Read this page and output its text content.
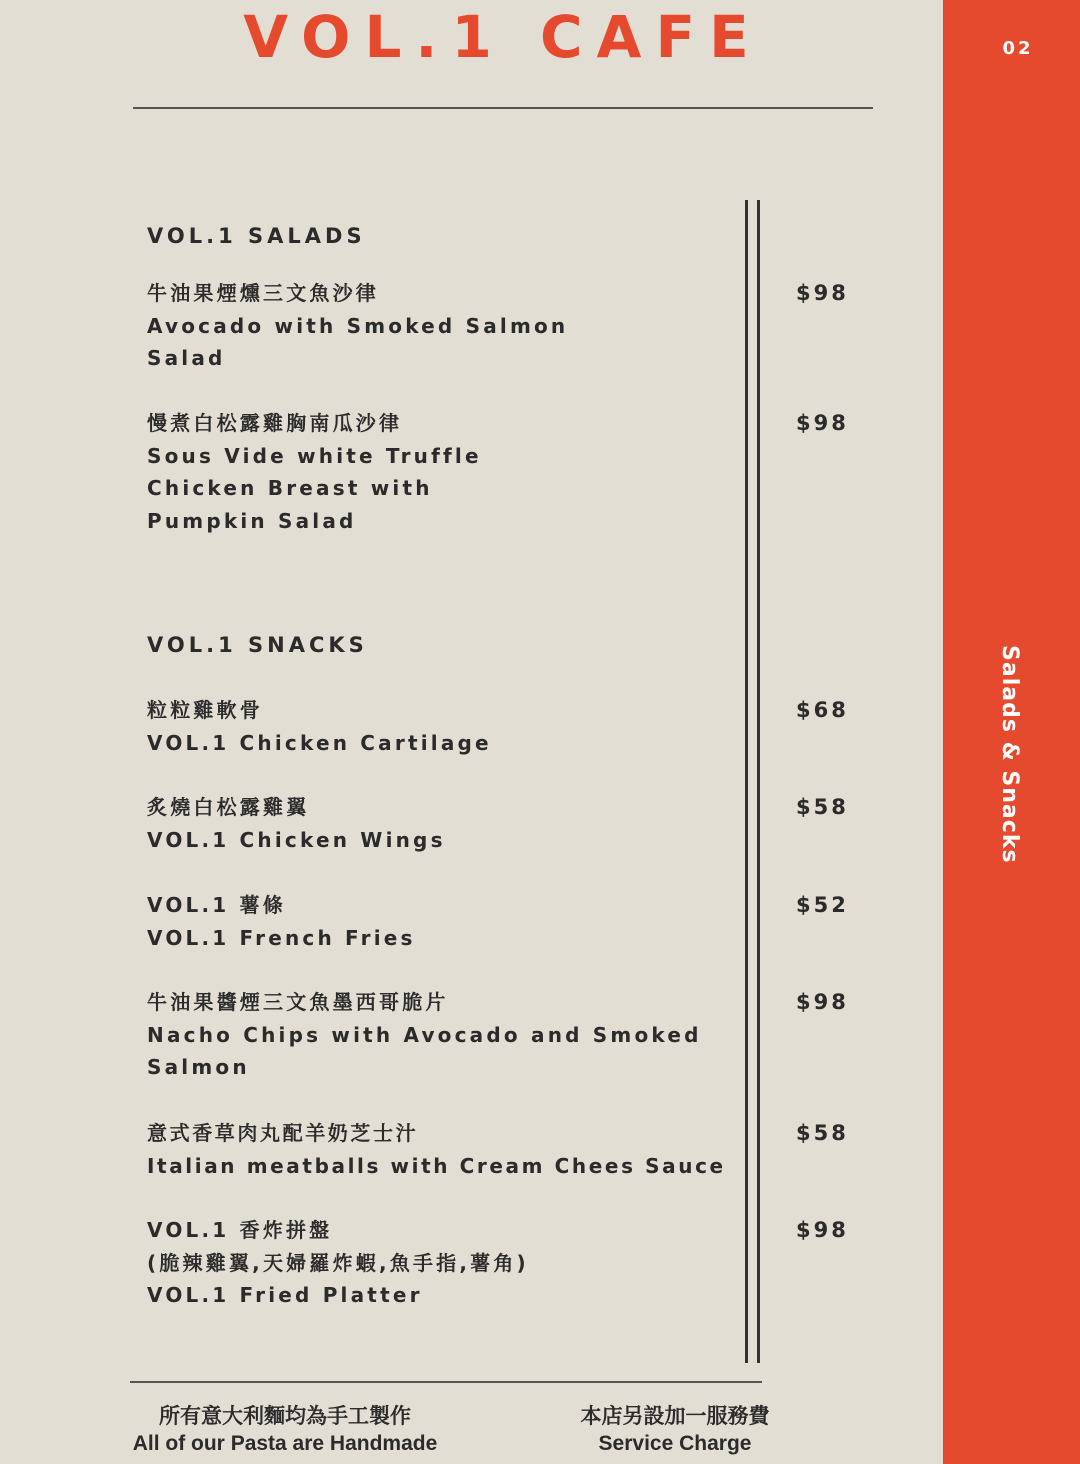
VOL.1 CAFE
VOL.1 SALADS
牛油果煙燻三文魚沙律
Avocado with Smoked Salmon
Salad
$98
慢煮白松露雞胸南瓜沙律
Sous Vide white Truffle
Chicken Breast with
Pumpkin Salad
$98
VOL.1 SNACKS
粒粒雞軟骨
VOL.1 Chicken Cartilage
$68
炙燒白松露雞翼
VOL.1 Chicken Wings
$58
VOL.1 薯條
VOL.1 French Fries
$52
牛油果醬煙三文魚墨西哥脆片
Nacho Chips with Avocado and Smoked
Salmon
$98
意式香草肉丸配羊奶芝士汁
Italian meatballs with Cream Chees Sauce
$58
VOL.1 香炸拼盤
(脆辣雞翼,天婦羅炸蝦,魚手指,薯角)
VOL.1 Fried Platter
$98
所有意大利麵均為手工製作
All of our Pasta are Handmade
本店另設加一服務費
Service Charge
02
Salads & Snacks
